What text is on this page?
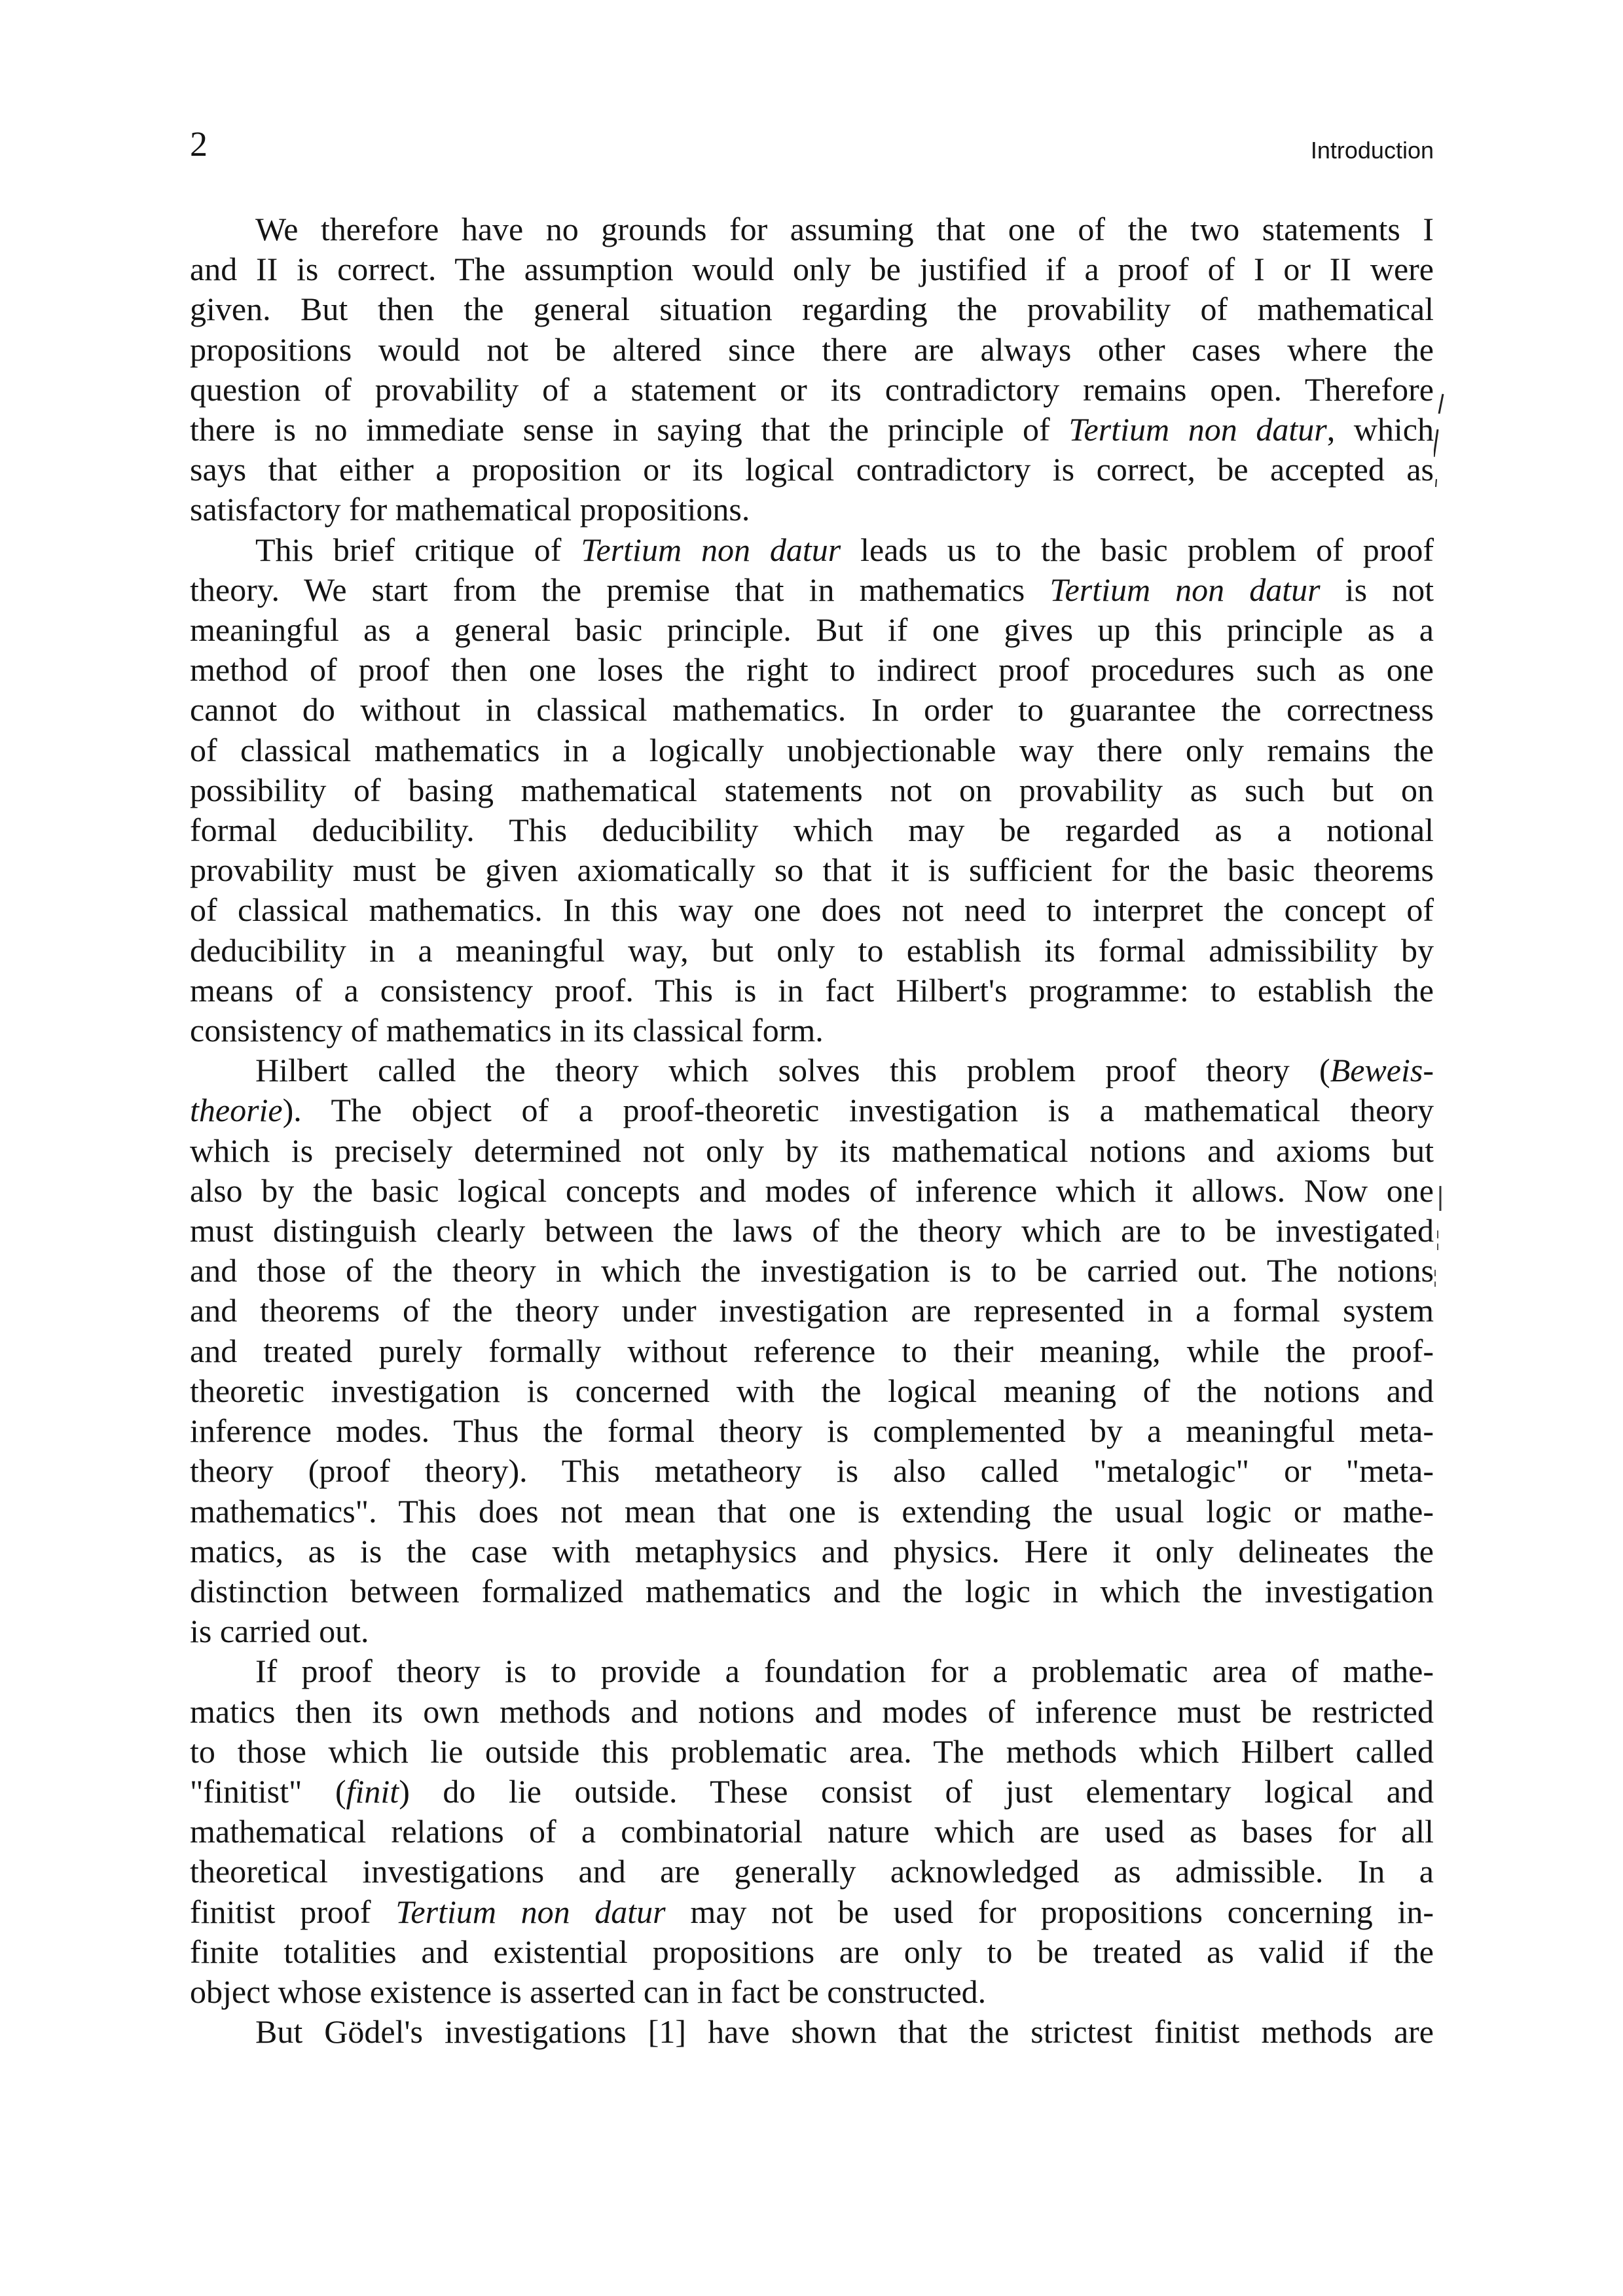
2	Introduction

We therefore have no grounds for assuming that one of the two statements I
and II is correct. The assumption would only be justified if a proof of I or II were
given. But then the general situation regarding the provability of mathematical
propositions would not be altered since there are always other cases where the
question of provability of a statement or its contradictory remains open. Therefore
there is no immediate sense in saying that the principle of Tertium non datur, which
says that either a proposition or its logical contradictory is correct, be accepted as
satisfactory for mathematical propositions.

This brief critique of Tertium non datur leads us to the basic problem of proof
theory. We start from the premise that in mathematics Tertium non datur is not
meaningful as a general basic principle. But if one gives up this principle as a
method of proof then one loses the right to indirect proof procedures such as one
cannot do without in classical mathematics. In order to guarantee the correctness
of classical mathematics in a logically unobjectionable way there only remains the
possibility of basing mathematical statements not on provability as such but on
formal deducibility. This deducibility which may be regarded as a notional
provability must be given axiomatically so that it is sufficient for the basic theorems
of classical mathematics. In this way one does not need to interpret the concept of
deducibility in a meaningful way, but only to establish its formal admissibility by
means of a consistency proof. This is in fact Hilbert's programme: to establish the
consistency of mathematics in its classical form.

Hilbert called the theory which solves this problem proof theory (Beweis-
theorie). The object of a proof-theoretic investigation is a mathematical theory
which is precisely determined not only by its mathematical notions and axioms but
also by the basic logical concepts and modes of inference which it allows. Now one
must distinguish clearly between the laws of the theory which are to be investigated
and those of the theory in which the investigation is to be carried out. The notions
and theorems of the theory under investigation are represented in a formal system
and treated purely formally without reference to their meaning, while the proof-
theoretic investigation is concerned with the logical meaning of the notions and
inference modes. Thus the formal theory is complemented by a meaningful meta-
theory (proof theory). This metatheory is also called "metalogic" or "meta-
mathematics". This does not mean that one is extending the usual logic or mathe-
matics, as is the case with metaphysics and physics. Here it only delineates the
distinction between formalized mathematics and the logic in which the investigation
is carried out.

If proof theory is to provide a foundation for a problematic area of mathe-
matics then its own methods and notions and modes of inference must be restricted
to those which lie outside this problematic area. The methods which Hilbert called
"finitist" (finit) do lie outside. These consist of just elementary logical and
mathematical relations of a combinatorial nature which are used as bases for all
theoretical investigations and are generally acknowledged as admissible. In a
finitist proof Tertium non datur may not be used for propositions concerning in-
finite totalities and existential propositions are only to be treated as valid if the
object whose existence is asserted can in fact be constructed.

But Gödel's investigations [1] have shown that the strictest finitist methods are
